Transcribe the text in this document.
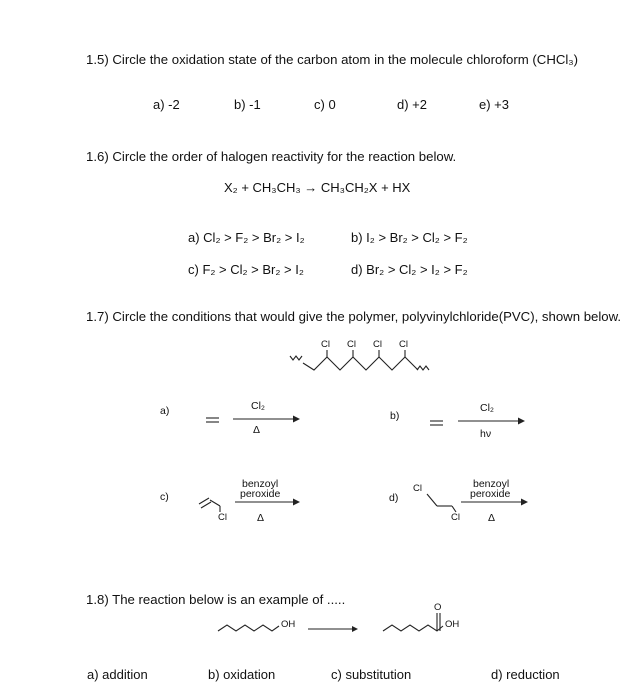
1.5) Circle the oxidation state of the carbon atom in the molecule chloroform (CHCl₃)
a) -2	b) -1	c) 0	d) +2	e) +3
1.6) Circle the order of halogen reactivity for the reaction below.
X₂ + CH₃CH₃ → CH₃CH₂X + HX
a) Cl₂ > F₂ > Br₂ > I₂	b) I₂ > Br₂ > Cl₂ > F₂
c) F₂ > Cl₂ > Br₂ > I₂	d) Br₂ > Cl₂ > I₂ > F₂
1.7) Circle the conditions that would give the polymer, polyvinylchloride(PVC), shown below.
Cl Cl Cl Cl
a)	Cl₂
Δ
b)
Cl₂
hν
c)
Cl
benzoyl
peroxide
Δ
d)
Cl
Cl
benzoyl
peroxide
Δ
1.8) The reaction below is an example of .....
OH
O
OH
a) addition	b) oxidation	c) substitution	d) reduction
